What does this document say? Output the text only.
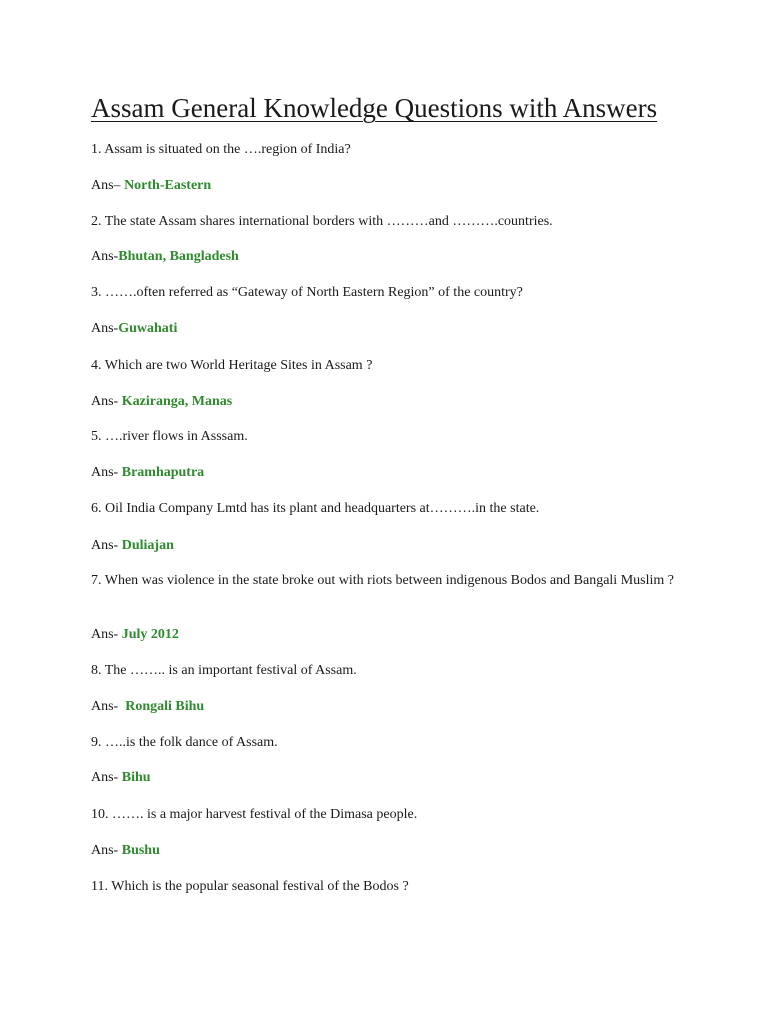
Assam General Knowledge Questions with Answers

1. Assam is situated on the ….region of India?

Ans– North-Eastern

2. The state Assam shares international borders with ………and ……….countries.

Ans-Bhutan, Bangladesh

3. …….often referred as “Gateway of North Eastern Region” of the country?

Ans-Guwahati

4. Which are two World Heritage Sites in Assam ?

Ans- Kaziranga, Manas

5. ….river flows in Asssam.

Ans- Bramhaputra

6. Oil India Company Lmtd has its plant and headquarters at……….in the state.

Ans- Duliajan

7. When was violence in the state broke out with riots between indigenous Bodos and Bangali Muslim ?

Ans- July 2012

8. The …….. is an important festival of Assam.

Ans- Rongali Bihu

9. …..is the folk dance of Assam.

Ans- Bihu

10. ……. is a major harvest festival of the Dimasa people.

Ans- Bushu

11. Which is the popular seasonal festival of the Bodos ?
